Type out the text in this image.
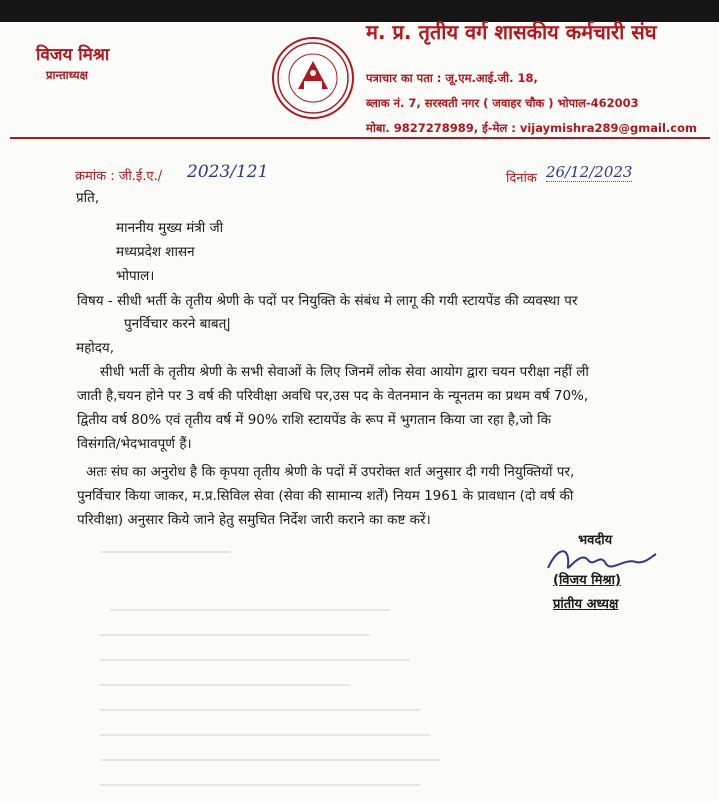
विजय मिश्रा
प्रान्ताध्यक्ष
म. प्र. तृतीय वर्ग शासकीय कर्मचारी संघ
पत्राचार का पता : जू.एम.आई.जी. 18,
ब्लाक नं. 7, सरस्वती नगर ( जवाहर चौक ) भोपाल-462003
मोबा. 9827278989, ई-मेल : vijaymishra289@gmail.com
क्रमांक : जी.ई.ए./ 2023/121	दिनांक 26/12/2023
प्रति,
माननीय मुख्य मंत्री जी
मध्यप्रदेश शासन
भोपाल।
विषय - सीधी भर्ती के तृतीय श्रेणी के पदों पर नियुक्ति के संबंध मे लागू की गयी स्टायपेंड की व्यवस्था पर
पुनर्विचार करने बाबत्|
महोदय,
सीधी भर्ती के तृतीय श्रेणी के सभी सेवाओं के लिए जिनमें लोक सेवा आयोग द्वारा चयन परीक्षा नहीं ली
जाती है,चयन होने पर 3 वर्ष की परिवीक्षा अवधि पर,उस पद के वेतनमान के न्यूनतम का प्रथम वर्ष 70%,
द्वितीय वर्ष 80% एवं तृतीय वर्ष में 90% राशि स्टायपेंड के रूप में भुगतान किया जा रहा है,जो कि
विसंगति/भेदभावपूर्ण हैं।
अतः संघ का अनुरोध है कि कृपया तृतीय श्रेणी के पदों में उपरोक्त शर्त अनुसार दी गयी नियुक्तियों पर,
पुनर्विचार किया जाकर, म.प्र.सिविल सेवा (सेवा की सामान्य शर्तें) नियम 1961 के प्रावधान (दो वर्ष की
परिवीक्षा) अनुसार किये जाने हेतु समुचित निर्देश जारी कराने का कष्ट करें।
भवदीय
(विजय मिश्रा)
प्रांतीय अध्यक्ष
